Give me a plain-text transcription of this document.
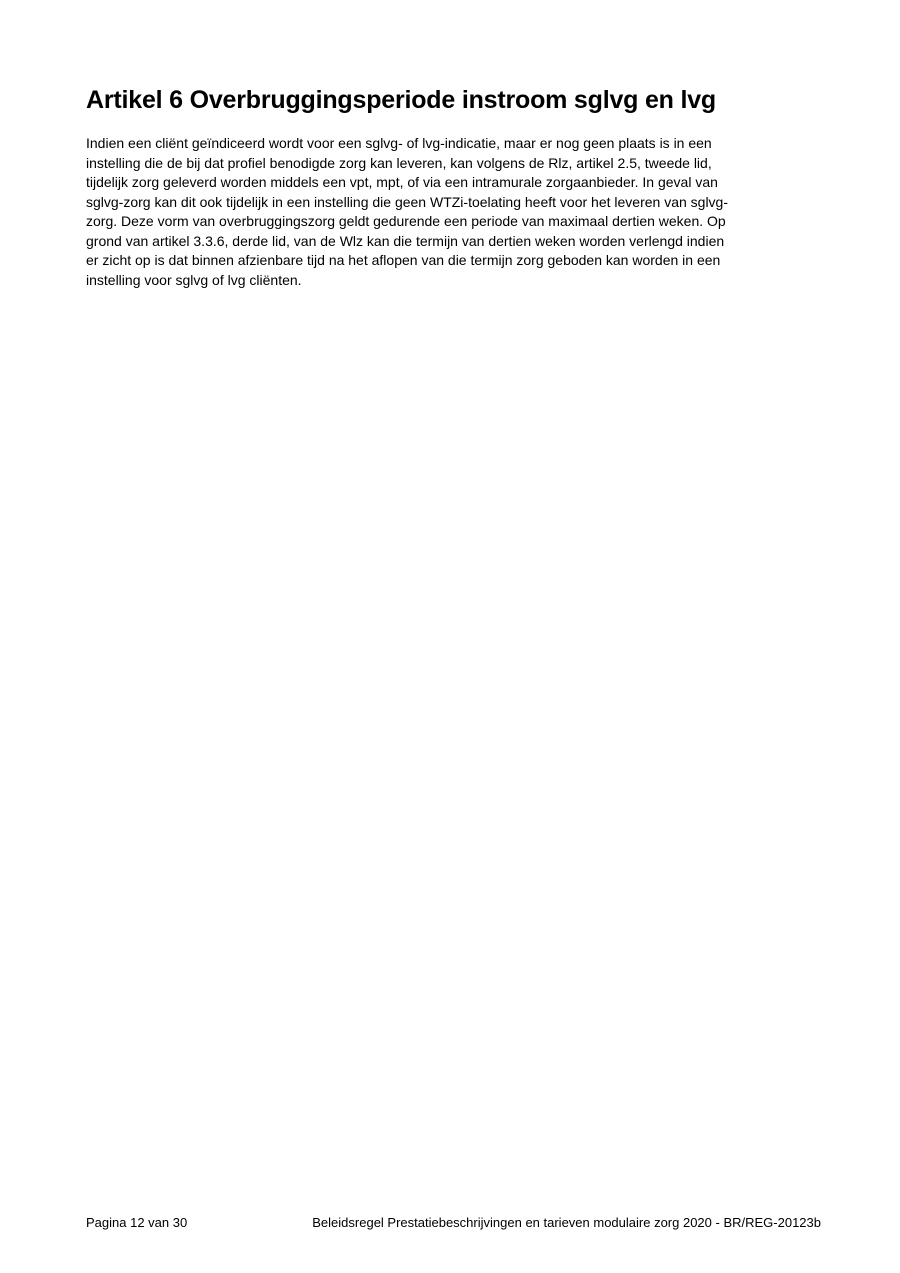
Artikel 6 Overbruggingsperiode instroom sglvg en lvg

Indien een cliënt geïndiceerd wordt voor een sglvg- of lvg-indicatie, maar er nog geen plaats is in een
instelling die de bij dat profiel benodigde zorg kan leveren, kan volgens de Rlz, artikel 2.5, tweede lid,
tijdelijk zorg geleverd worden middels een vpt, mpt, of via een intramurale zorgaanbieder. In geval van
sglvg-zorg kan dit ook tijdelijk in een instelling die geen WTZi-toelating heeft voor het leveren van sglvg-
zorg. Deze vorm van overbruggingszorg geldt gedurende een periode van maximaal dertien weken. Op
grond van artikel 3.3.6, derde lid, van de Wlz kan die termijn van dertien weken worden verlengd indien
er zicht op is dat binnen afzienbare tijd na het aflopen van die termijn zorg geboden kan worden in een
instelling voor sglvg of lvg cliënten.

Pagina 12 van 30	Beleidsregel Prestatiebeschrijvingen en tarieven modulaire zorg 2020 - BR/REG-20123b
